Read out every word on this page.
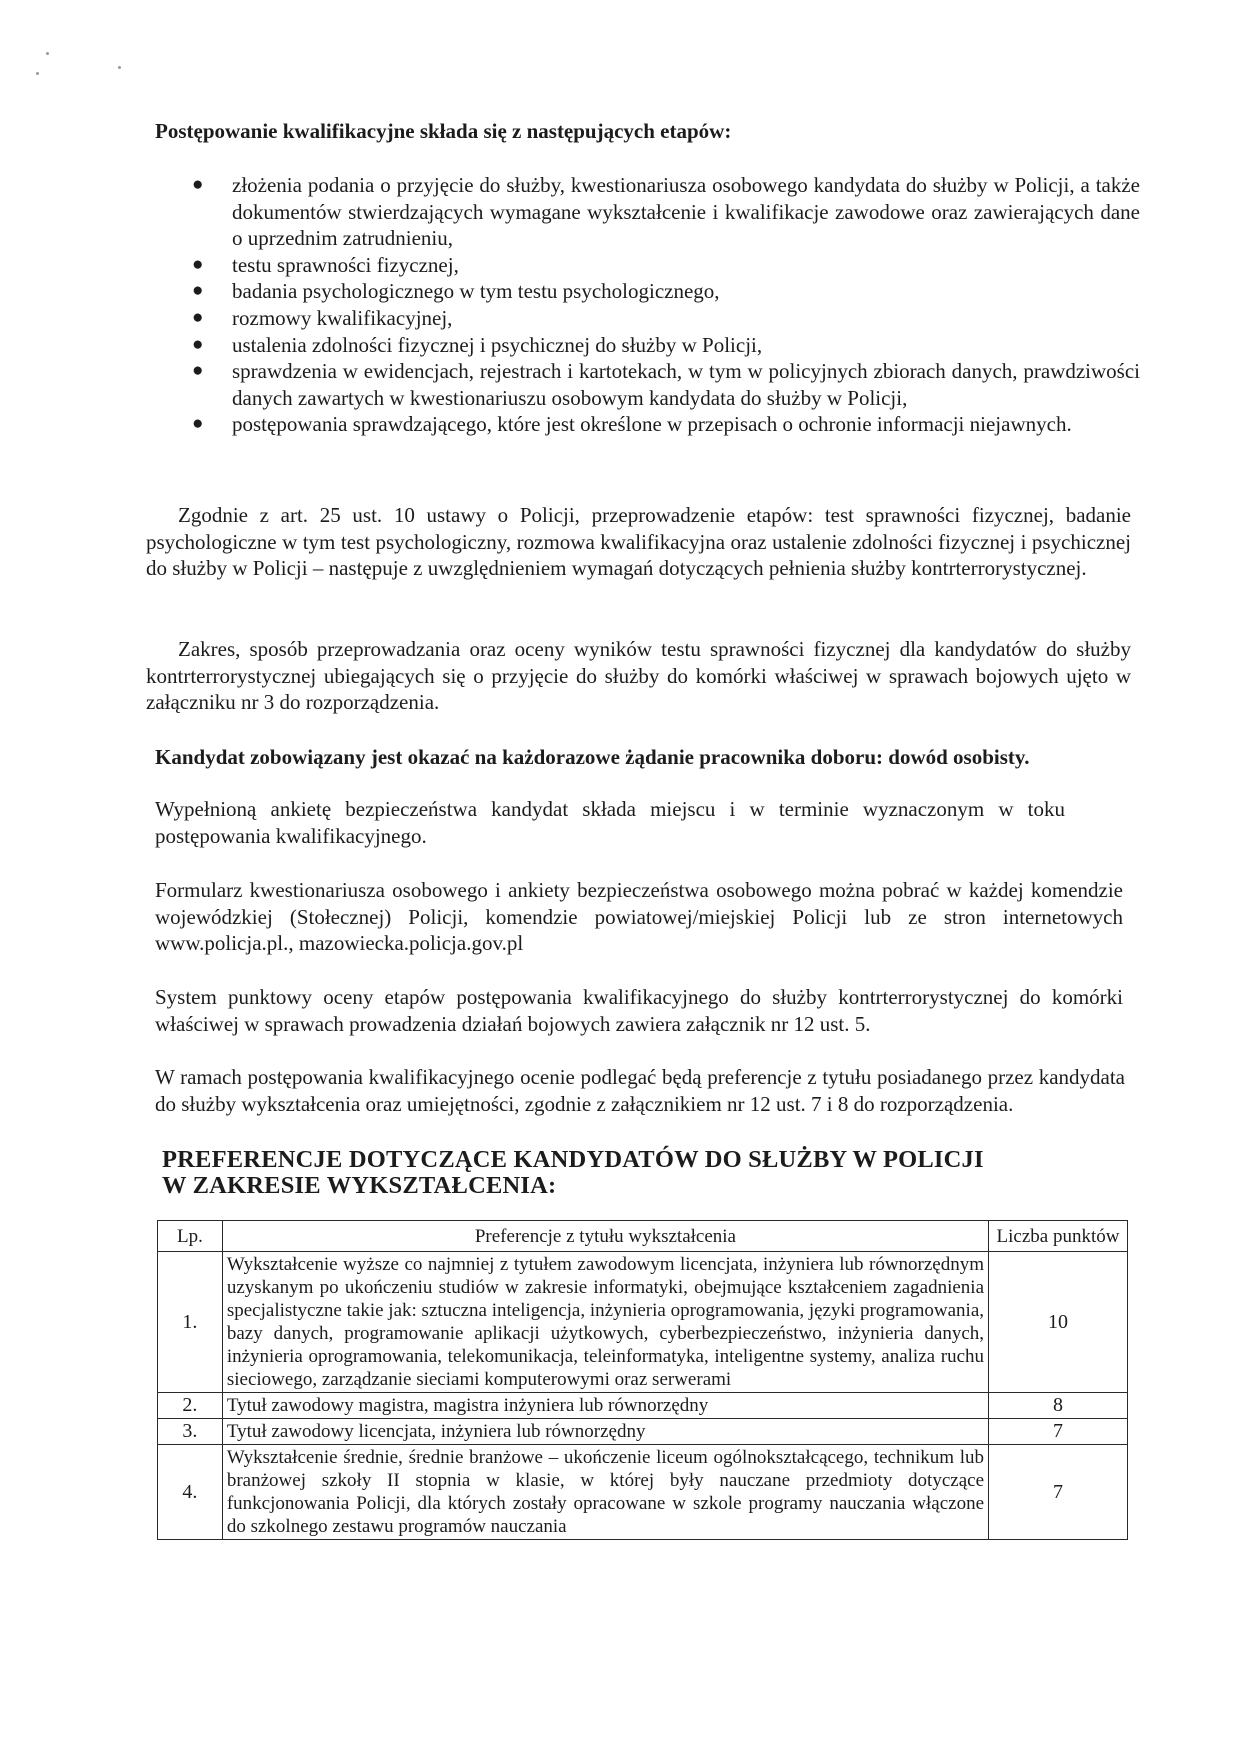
Postępowanie kwalifikacyjne składa się z następujących etapów:
● złożenia podania o przyjęcie do służby, kwestionariusza osobowego kandydata do służby w Policji, a także dokumentów stwierdzających wymagane wykształcenie i kwalifikacje zawodowe oraz zawierających dane o uprzednim zatrudnieniu,
● testu sprawności fizycznej,
● badania psychologicznego w tym testu psychologicznego,
● rozmowy kwalifikacyjnej,
● ustalenia zdolności fizycznej i psychicznej do służby w Policji,
● sprawdzenia w ewidencjach, rejestrach i kartotekach, w tym w policyjnych zbiorach danych, prawdziwości danych zawartych w kwestionariuszu osobowym kandydata do służby w Policji,
● postępowania sprawdzającego, które jest określone w przepisach o ochronie informacji niejawnych.

Zgodnie z art. 25 ust. 10 ustawy o Policji, przeprowadzenie etapów: test sprawności fizycznej, badanie psychologiczne w tym test psychologiczny, rozmowa kwalifikacyjna oraz ustalenie zdolności fizycznej i psychicznej do służby w Policji – następuje z uwzględnieniem wymagań dotyczących pełnienia służby kontrterrorystycznej.

Zakres, sposób przeprowadzania oraz oceny wyników testu sprawności fizycznej dla kandydatów do służby kontrterrorystycznej ubiegających się o przyjęcie do służby do komórki właściwej w sprawach bojowych ujęto w załączniku nr 3 do rozporządzenia.

Kandydat zobowiązany jest okazać na każdorazowe żądanie pracownika doboru: dowód osobisty.

Wypełnioną ankietę bezpieczeństwa kandydat składa miejscu i w terminie wyznaczonym w toku postępowania kwalifikacyjnego.

Formularz kwestionariusza osobowego i ankiety bezpieczeństwa osobowego można pobrać w każdej komendzie wojewódzkiej (Stołecznej) Policji, komendzie powiatowej/miejskiej Policji lub ze stron internetowych www.policja.pl., mazowiecka.policja.gov.pl

System punktowy oceny etapów postępowania kwalifikacyjnego do służby kontrterrorystycznej do komórki właściwej w sprawach prowadzenia działań bojowych zawiera załącznik nr 12 ust. 5.

W ramach postępowania kwalifikacyjnego ocenie podlegać będą preferencje z tytułu posiadanego przez kandydata do służby wykształcenia oraz umiejętności, zgodnie z załącznikiem nr 12 ust. 7 i 8 do rozporządzenia.

PREFERENCJE DOTYCZĄCE KANDYDATÓW DO SŁUŻBY W POLICJI
W ZAKRESIE WYKSZTAŁCENIA:
Lp.	Preferencje z tytułu wykształcenia	Liczba punktów
1.	Wykształcenie wyższe co najmniej z tytułem zawodowym licencjata, inżyniera lub równorzędnym uzyskanym po ukończeniu studiów w zakresie informatyki, obejmujące kształceniem zagadnienia specjalistyczne takie jak: sztuczna inteligencja, inżynieria oprogramowania, języki programowania, bazy danych, programowanie aplikacji użytkowych, cyberbezpieczeństwo, inżynieria danych, inżynieria oprogramowania, telekomunikacja, teleinformatyka, inteligentne systemy, analiza ruchu sieciowego, zarządzanie sieciami komputerowymi oraz serwerami	10
2.	Tytuł zawodowy magistra, magistra inżyniera lub równorzędny	8
3.	Tytuł zawodowy licencjata, inżyniera lub równorzędny	7
4.	Wykształcenie średnie, średnie branżowe – ukończenie liceum ogólnokształcącego, technikum lub branżowej szkoły II stopnia w klasie, w której były nauczane przedmioty dotyczące funkcjonowania Policji, dla których zostały opracowane w szkole programy nauczania włączone do szkolnego zestawu programów nauczania	7
